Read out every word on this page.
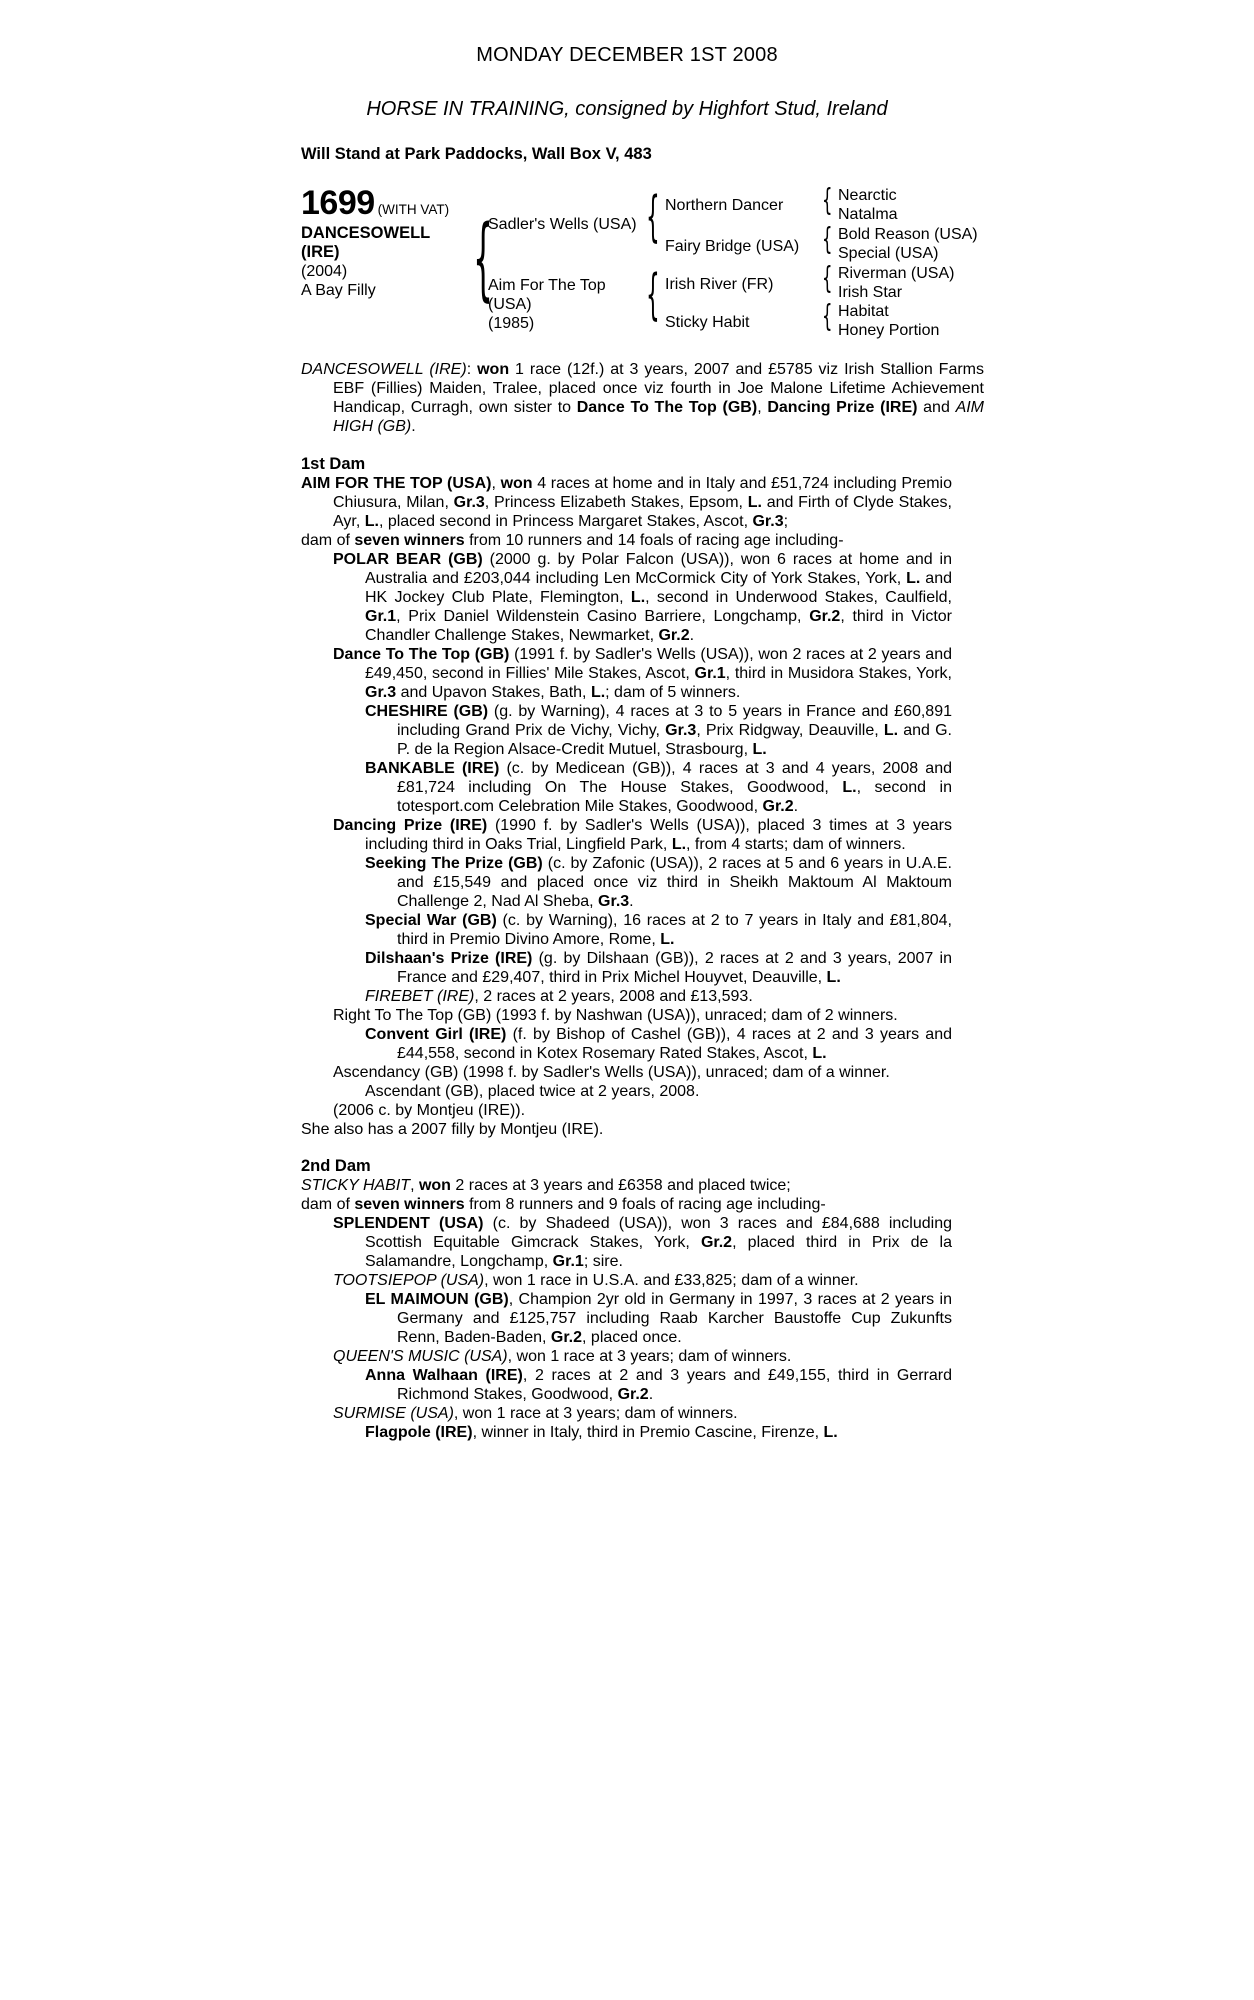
MONDAY DECEMBER 1ST 2008
HORSE IN TRAINING, consigned by Highfort Stud, Ireland
Will Stand at Park Paddocks, Wall Box V, 483
1699 (WITH VAT)
DANCESOWELL
(IRE)
(2004)
A Bay Filly	{
Sadler's Wells (USA)
Aim For The Top
(USA)
(1985)
{ Northern Dancer
Fairy Bridge (USA)
{ Irish River (FR)
Sticky Habit
{ Nearctic
Natalma
{ Bold Reason (USA)
Special (USA)
{ Riverman (USA)
Irish Star
{ Habitat
Honey Portion
DANCESOWELL (IRE): won 1 race (12f.) at 3 years, 2007 and £5785 viz Irish Stallion Farms EBF (Fillies) Maiden, Tralee, placed once viz fourth in Joe Malone Lifetime Achievement Handicap, Curragh, own sister to Dance To The Top (GB), Dancing Prize (IRE) and AIM HIGH (GB).
1st Dam
AIM FOR THE TOP (USA), won 4 races at home and in Italy and £51,724 including Premio Chiusura, Milan, Gr.3, Princess Elizabeth Stakes, Epsom, L. and Firth of Clyde Stakes, Ayr, L., placed second in Princess Margaret Stakes, Ascot, Gr.3;
dam of seven winners from 10 runners and 14 foals of racing age including-
POLAR BEAR (GB) (2000 g. by Polar Falcon (USA)), won 6 races at home and in Australia and £203,044 including Len McCormick City of York Stakes, York, L. and HK Jockey Club Plate, Flemington, L., second in Underwood Stakes, Caulfield, Gr.1, Prix Daniel Wildenstein Casino Barriere, Longchamp, Gr.2, third in Victor Chandler Challenge Stakes, Newmarket, Gr.2.
Dance To The Top (GB) (1991 f. by Sadler's Wells (USA)), won 2 races at 2 years and £49,450, second in Fillies' Mile Stakes, Ascot, Gr.1, third in Musidora Stakes, York, Gr.3 and Upavon Stakes, Bath, L.; dam of 5 winners.
CHESHIRE (GB) (g. by Warning), 4 races at 3 to 5 years in France and £60,891 including Grand Prix de Vichy, Vichy, Gr.3, Prix Ridgway, Deauville, L. and G. P. de la Region Alsace-Credit Mutuel, Strasbourg, L.
BANKABLE (IRE) (c. by Medicean (GB)), 4 races at 3 and 4 years, 2008 and £81,724 including On The House Stakes, Goodwood, L., second in totesport.com Celebration Mile Stakes, Goodwood, Gr.2.
Dancing Prize (IRE) (1990 f. by Sadler's Wells (USA)), placed 3 times at 3 years including third in Oaks Trial, Lingfield Park, L., from 4 starts; dam of winners.
Seeking The Prize (GB) (c. by Zafonic (USA)), 2 races at 5 and 6 years in U.A.E. and £15,549 and placed once viz third in Sheikh Maktoum Al Maktoum Challenge 2, Nad Al Sheba, Gr.3.
Special War (GB) (c. by Warning), 16 races at 2 to 7 years in Italy and £81,804, third in Premio Divino Amore, Rome, L.
Dilshaan's Prize (IRE) (g. by Dilshaan (GB)), 2 races at 2 and 3 years, 2007 in France and £29,407, third in Prix Michel Houyvet, Deauville, L.
FIREBET (IRE), 2 races at 2 years, 2008 and £13,593.
Right To The Top (GB) (1993 f. by Nashwan (USA)), unraced; dam of 2 winners.
Convent Girl (IRE) (f. by Bishop of Cashel (GB)), 4 races at 2 and 3 years and £44,558, second in Kotex Rosemary Rated Stakes, Ascot, L.
Ascendancy (GB) (1998 f. by Sadler's Wells (USA)), unraced; dam of a winner.
Ascendant (GB), placed twice at 2 years, 2008.
(2006 c. by Montjeu (IRE)).
She also has a 2007 filly by Montjeu (IRE).
2nd Dam
STICKY HABIT, won 2 races at 3 years and £6358 and placed twice;
dam of seven winners from 8 runners and 9 foals of racing age including-
SPLENDENT (USA) (c. by Shadeed (USA)), won 3 races and £84,688 including Scottish Equitable Gimcrack Stakes, York, Gr.2, placed third in Prix de la Salamandre, Longchamp, Gr.1; sire.
TOOTSIEPOP (USA), won 1 race in U.S.A. and £33,825; dam of a winner.
EL MAIMOUN (GB), Champion 2yr old in Germany in 1997, 3 races at 2 years in Germany and £125,757 including Raab Karcher Baustoffe Cup Zukunfts Renn, Baden-Baden, Gr.2, placed once.
QUEEN'S MUSIC (USA), won 1 race at 3 years; dam of winners.
Anna Walhaan (IRE), 2 races at 2 and 3 years and £49,155, third in Gerrard Richmond Stakes, Goodwood, Gr.2.
SURMISE (USA), won 1 race at 3 years; dam of winners.
Flagpole (IRE), winner in Italy, third in Premio Cascine, Firenze, L.
